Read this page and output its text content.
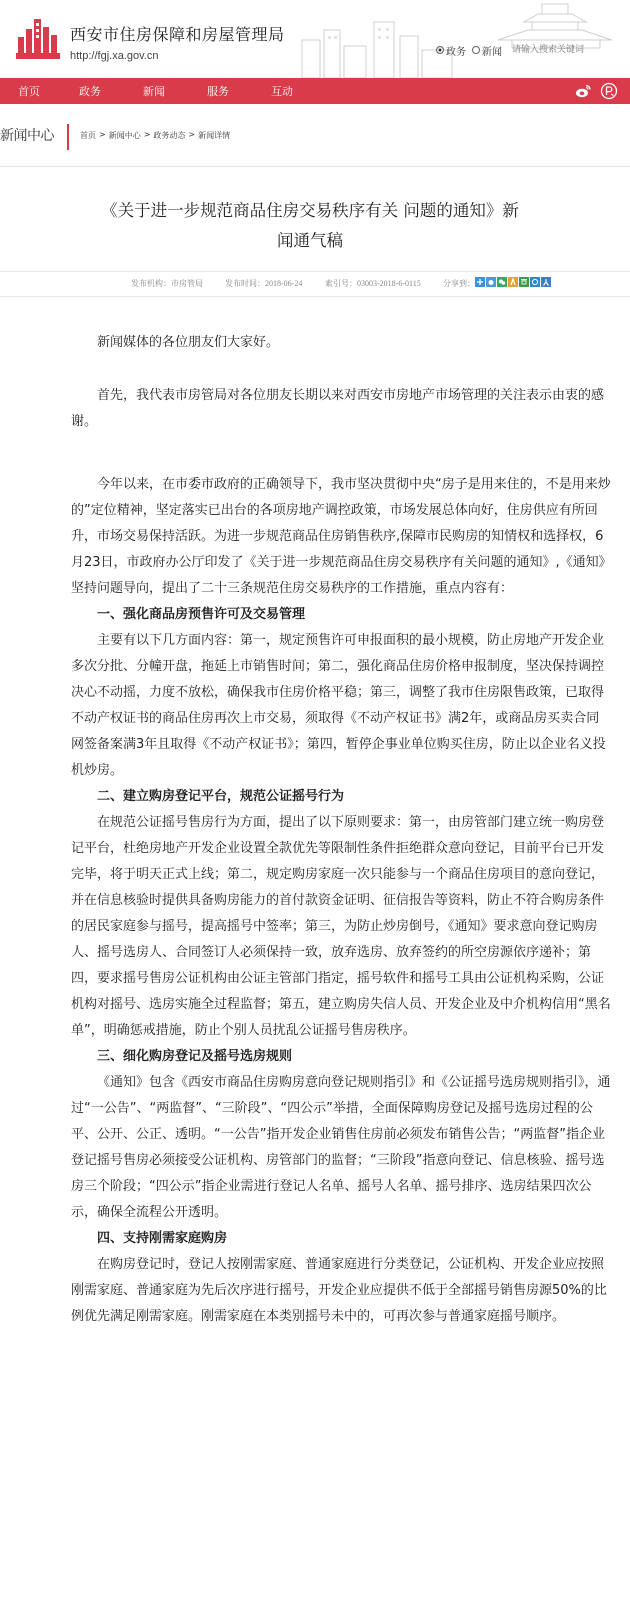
西安市住房保障和房屋管理局
http://fgj.xa.gov.cn	政务 新闻
请输入搜索关键词
首页	政务	新闻	服务	互动
新闻中心	首页 > 新闻中心 > 政务动态 > 新闻详情
《关于进一步规范商品住房交易秩序有关 问题的通知》新闻通气稿
发布机构：市房管局	发布时间：2018-06-24	索引号：03003-2018-6-0115	分享到：

新闻媒体的各位朋友们大家好。

首先，我代表市房管局对各位朋友长期以来对西安市房地产市场管理的关注表示由衷的感谢。

今年以来，在市委市政府的正确领导下，我市坚决贯彻中央“房子是用来住的，不是用来炒的”定位精神，坚定落实已出台的各项房地产调控政策，市场发展总体向好，住房供应有所回升，市场交易保持活跃。为进一步规范商品住房销售秩序,保障市民购房的知情权和选择权，6月23日，市政府办公厅印发了《关于进一步规范商品住房交易秩序有关问题的通知》,《通知》坚持问题导向，提出了二十三条规范住房交易秩序的工作措施，重点内容有：

一、强化商品房预售许可及交易管理

主要有以下几方面内容：第一，规定预售许可申报面积的最小规模，防止房地产开发企业多次分批、分幢开盘，拖延上市销售时间；第二，强化商品住房价格申报制度，坚决保持调控决心不动摇，力度不放松，确保我市住房价格平稳；第三，调整了我市住房限售政策，已取得不动产权证书的商品住房再次上市交易，须取得《不动产权证书》满2年，或商品房买卖合同网签备案满3年且取得《不动产权证书》；第四，暂停企事业单位购买住房，防止以企业名义投机炒房。

二、建立购房登记平台，规范公证摇号行为

在规范公证摇号售房行为方面，提出了以下原则要求：第一，由房管部门建立统一购房登记平台，杜绝房地产开发企业设置全款优先等限制性条件拒绝群众意向登记，目前平台已开发完毕，将于明天正式上线；第二，规定购房家庭一次只能参与一个商品住房项目的意向登记，并在信息核验时提供具备购房能力的首付款资金证明、征信报告等资料，防止不符合购房条件的居民家庭参与摇号，提高摇号中签率；第三，为防止炒房倒号，《通知》要求意向登记购房人、摇号选房人、合同签订人必须保持一致，放弃选房、放弃签约的所空房源依序递补；第四，要求摇号售房公证机构由公证主管部门指定，摇号软件和摇号工具由公证机构采购，公证机构对摇号、选房实施全过程监督；第五，建立购房失信人员、开发企业及中介机构信用“黑名单”，明确惩戒措施，防止个别人员扰乱公证摇号售房秩序。

三、细化购房登记及摇号选房规则

《通知》包含《西安市商品住房购房意向登记规则指引》和《公证摇号选房规则指引》，通过“一公告”、“两监督”、“三阶段”、“四公示”举措，全面保障购房登记及摇号选房过程的公平、公开、公正、透明。“一公告”指开发企业销售住房前必须发布销售公告；“两监督”指企业登记摇号售房必须接受公证机构、房管部门的监督；“三阶段”指意向登记、信息核验、摇号选房三个阶段；“四公示”指企业需进行登记人名单、摇号人名单、摇号排序、选房结果四次公示，确保全流程公开透明。

四、支持刚需家庭购房

在购房登记时，登记人按刚需家庭、普通家庭进行分类登记，公证机构、开发企业应按照刚需家庭、普通家庭为先后次序进行摇号，开发企业应提供不低于全部摇号销售房源50%的比例优先满足刚需家庭。刚需家庭在本类别摇号未中的，可再次参与普通家庭摇号顺序。
